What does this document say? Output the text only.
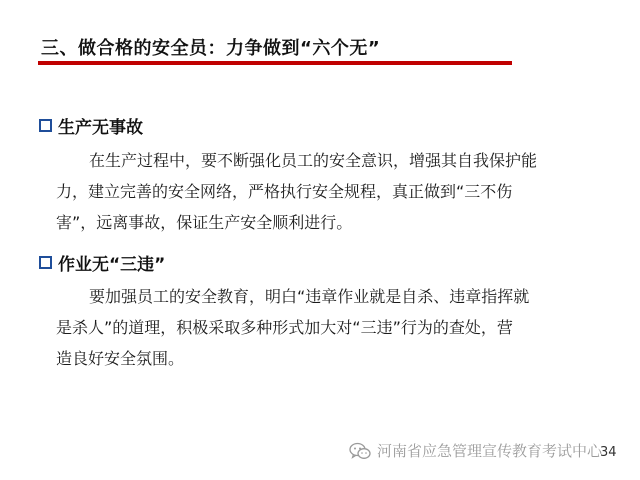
三、做合格的安全员：力争做到“六个无”
生产无事故

在生产过程中，要不断强化员工的安全意识，增强其自我保护能
力，建立完善的安全网络，严格执行安全规程，真正做到“三不伤
害”，远离事故，保证生产安全顺利进行。

作业无“三违”

要加强员工的安全教育，明白“违章作业就是自杀、违章指挥就
是杀人”的道理，积极采取多种形式加大对“三违”行为的查处，营
造良好安全氛围。

河南省应急管理宣传教育考试中心
34
